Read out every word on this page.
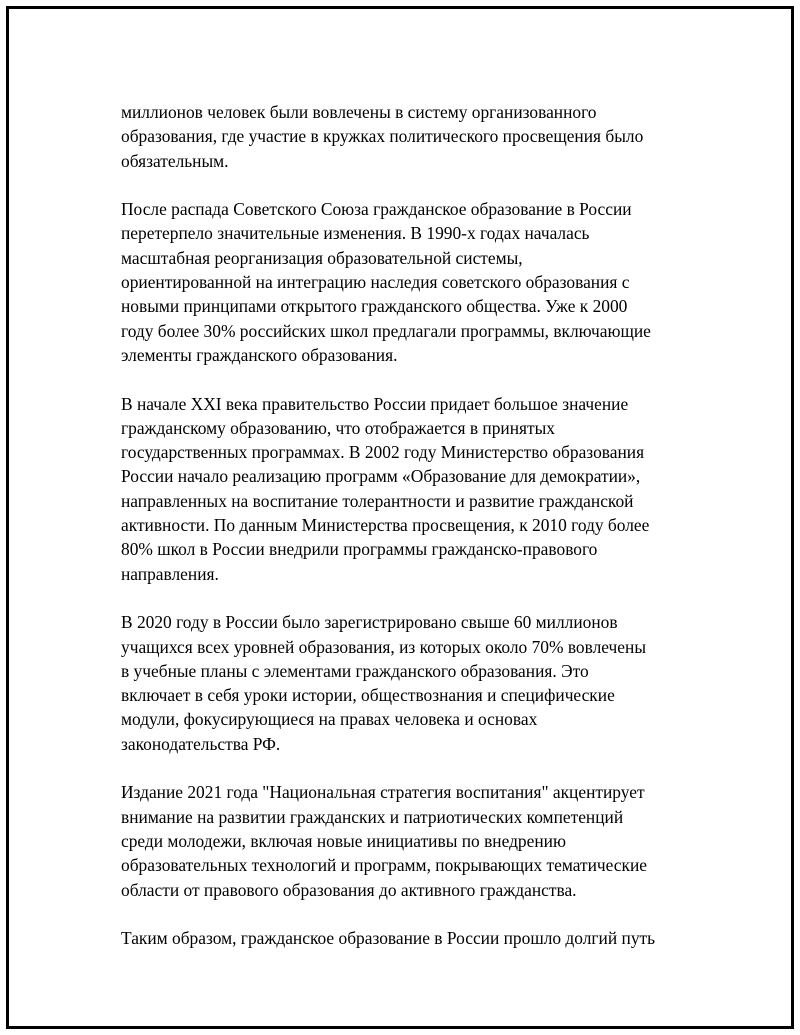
миллионов человек были вовлечены в систему организованного
образования, где участие в кружках политического просвещения было
обязательным.

После распада Советского Союза гражданское образование в России
перетерпело значительные изменения. В 1990-х годах началась
масштабная реорганизация образовательной системы,
ориентированной на интеграцию наследия советского образования с
новыми принципами открытого гражданского общества. Уже к 2000
году более 30% российских школ предлагали программы, включающие
элементы гражданского образования.

В начале XXI века правительство России придает большое значение
гражданскому образованию, что отображается в принятых
государственных программах. В 2002 году Министерство образования
России начало реализацию программ «Образование для демократии»,
направленных на воспитание толерантности и развитие гражданской
активности. По данным Министерства просвещения, к 2010 году более
80% школ в России внедрили программы гражданско-правового
направления.

В 2020 году в России было зарегистрировано свыше 60 миллионов
учащихся всех уровней образования, из которых около 70% вовлечены
в учебные планы с элементами гражданского образования. Это
включает в себя уроки истории, обществознания и специфические
модули, фокусирующиеся на правах человека и основах
законодательства РФ.

Издание 2021 года "Национальная стратегия воспитания" акцентирует
внимание на развитии гражданских и патриотических компетенций
среди молодежи, включая новые инициативы по внедрению
образовательных технологий и программ, покрывающих тематические
области от правового образования до активного гражданства.

Таким образом, гражданское образование в России прошло долгий путь
